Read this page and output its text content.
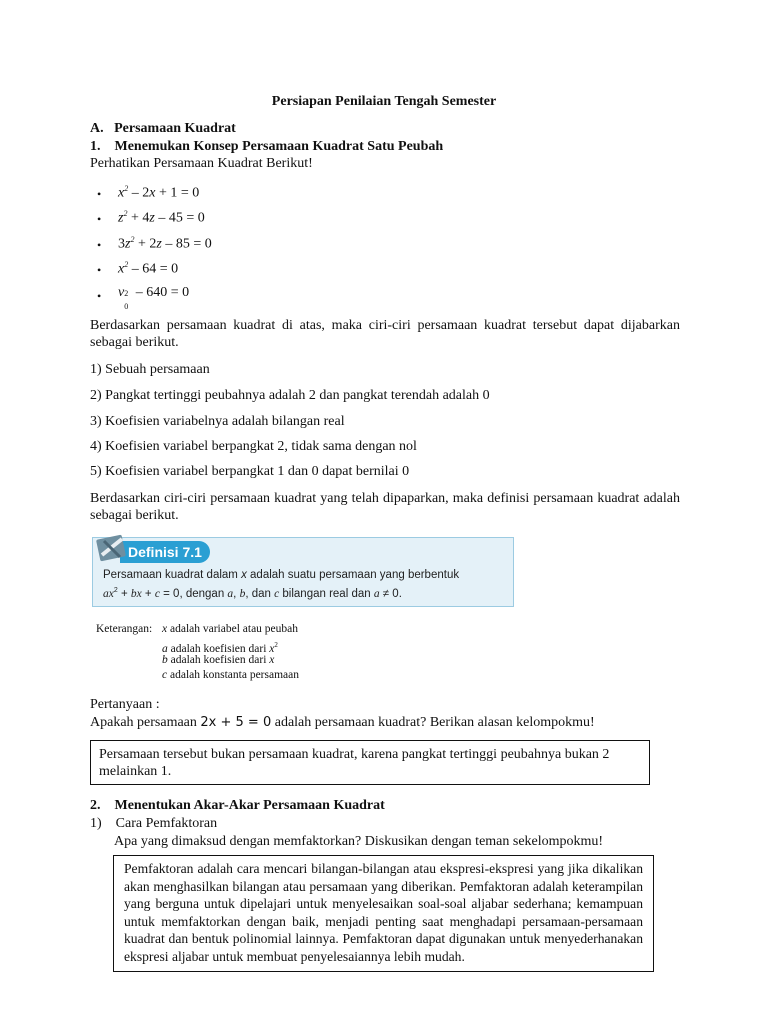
Persiapan Penilaian Tengah Semester
A. Persamaan Kuadrat
1. Menemukan Konsep Persamaan Kuadrat Satu Peubah
Perhatikan Persamaan Kuadrat Berikut!
• $x^2 - 2x + 1 = 0$
• $z^2 + 4z - 45 = 0$
• $3z^2 + 2z - 85 = 0$
• $x^2 - 64 = 0$
• v 2
0
– 640 = 0
Berdasarkan persamaan kuadrat di atas, maka ciri-ciri persamaan kuadrat tersebut dapat dijabarkan sebagai berikut.
1) Sebuah persamaan
2) Pangkat tertinggi peubahnya adalah 2 dan pangkat terendah adalah 0
3) Koefisien variabelnya adalah bilangan real
4) Koefisien variabel berpangkat 2, tidak sama dengan nol
5) Koefisien variabel berpangkat 1 dan 0 dapat bernilai 0
Berdasarkan ciri-ciri persamaan kuadrat yang telah dipaparkan, maka definisi persamaan kuadrat adalah sebagai berikut.
Definisi 7.1
Persamaan kuadrat dalam x adalah suatu persamaan yang berbentuk
$ax^2$ + bx + c = 0, dengan a, b, dan c bilangan real dan a ≠ 0.
Keterangan: x adalah variabel atau peubah
a adalah koefisien dari $x^2$
b adalah koefisien dari x
c adalah konstanta persamaan
Pertanyaan :
Apakah persamaan 2x + 5 = 0 adalah persamaan kuadrat? Berikan alasan kelompokmu!
Persamaan tersebut bukan persamaan kuadrat, karena pangkat tertinggi peubahnya bukan 2 melainkan 1.
2. Menentukan Akar-Akar Persamaan Kuadrat
1) Cara Pemfaktoran
Apa yang dimaksud dengan memfaktorkan? Diskusikan dengan teman sekelompokmu!
Pemfaktoran adalah cara mencari bilangan-bilangan atau ekspresi-ekspresi yang jika dikalikan akan menghasilkan bilangan atau persamaan yang diberikan. Pemfaktoran adalah keterampilan yang berguna untuk dipelajari untuk menyelesaikan soal-soal aljabar sederhana; kemampuan untuk memfaktorkan dengan baik, menjadi penting saat menghadapi persamaan-persamaan kuadrat dan bentuk polinomial lainnya. Pemfaktoran dapat digunakan untuk menyederhanakan ekspresi aljabar untuk membuat penyelesaiannya lebih mudah.
